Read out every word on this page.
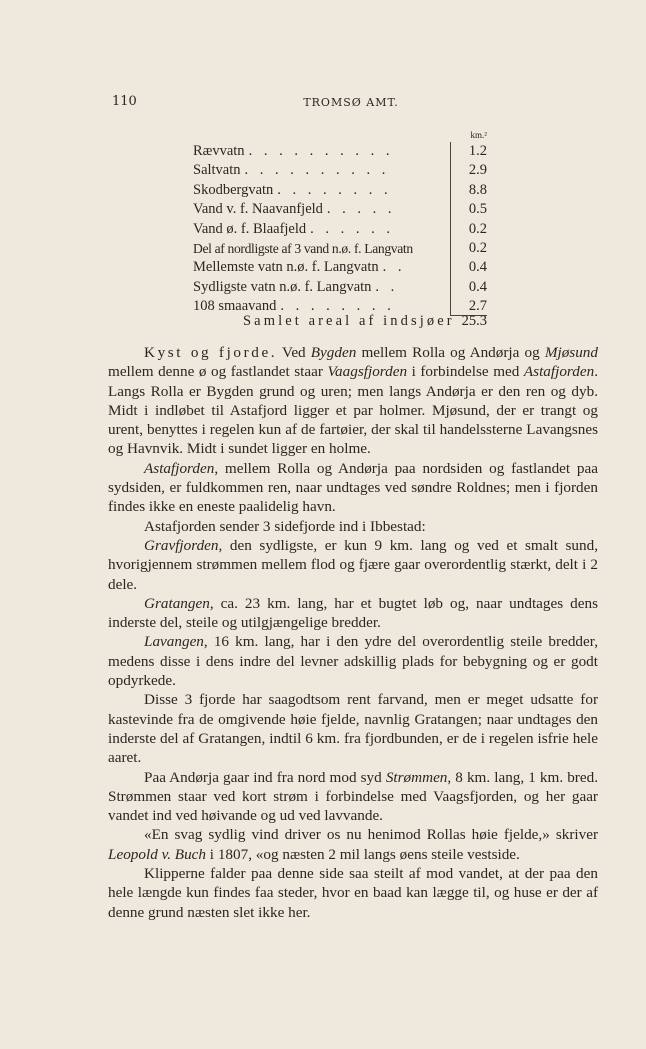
110	TROMSØ AMT.
km.²
Ræ​vvatn . . . . . . . . . .	1.2
Saltvatn . . . . . . . . . .	2.9
Skodbergvatn . . . . . . . .	8.8
Vand v. f. Naavanfjeld . . . . .	0.5
Vand ø. f. Blaafjeld . . . . . .	0.2
Del af nordligste af 3 vand n.ø. f. Langvatn	0.2
Mellemste vatn n.ø. f. Langvatn . .	0.4
Sydligste vatn n.ø. f. Langvatn . .	0.4
108 smaavand . . . . . . . .	2.7
Samlet areal af indsjøer 25.3

Kyst og fjorde. Ved Bygden mellem Rolla og Andørja og Mjøsund mellem denne ø og fastlandet staar Vaagsfjorden i forbindelse med Astafjorden. Langs Rolla er Bygden grund og uren; men langs Andørja er den ren og dyb. Midt i indløbet til Astafjord ligger et par holmer. Mjøsund, der er trangt og urent, benyttes i regelen kun af de fartøier, der skal til handelssterne Lavangsnes og Havnvik. Midt i sundet ligger en holme.

Astafjorden, mellem Rolla og Andørja paa nordsiden og fastlandet paa sydsiden, er fuldkommen ren, naar undtages ved søndre Roldnes; men i fjorden findes ikke en eneste paalidelig havn.

Astafjorden sender 3 sidefjorde ind i Ibbestad:

Gravfjorden, den sydligste, er kun 9 km. lang og ved et smalt sund, hvorigjennem strømmen mellem flod og fjære gaar overordentlig stærkt, delt i 2 dele.

Gratangen, ca. 23 km. lang, har et bugtet løb og, naar undtages dens inderste del, steile og utilgjængelige bredder.

Lavangen, 16 km. lang, har i den ydre del overordentlig steile bredder, medens disse i dens indre del levner adskillig plads for bebygning og er godt opdyrkede.

Disse 3 fjorde har saagodtsom rent farvand, men er meget udsatte for kastevinde fra de omgivende høie fjelde, navnlig Gratangen; naar undtages den inderste del af Gratangen, indtil 6 km. fra fjordbunden, er de i regelen isfrie hele aaret.

Paa Andørja gaar ind fra nord mod syd Strømmen, 8 km. lang, 1 km. bred. Strømmen staar ved kort strøm i forbindelse med Vaagsfjorden, og her gaar vandet ind ved høivande og ud ved lavvande.

«En svag sydlig vind driver os nu henimod Rollas høie fjelde,» skriver Leopold v. Buch i 1807, «og næsten 2 mil langs øens steile vestside.

Klipperne falder paa denne side saa steilt af mod vandet, at der paa den hele længde kun findes faa steder, hvor en baad kan lægge til, og huse er der af denne grund næsten slet ikke her.
